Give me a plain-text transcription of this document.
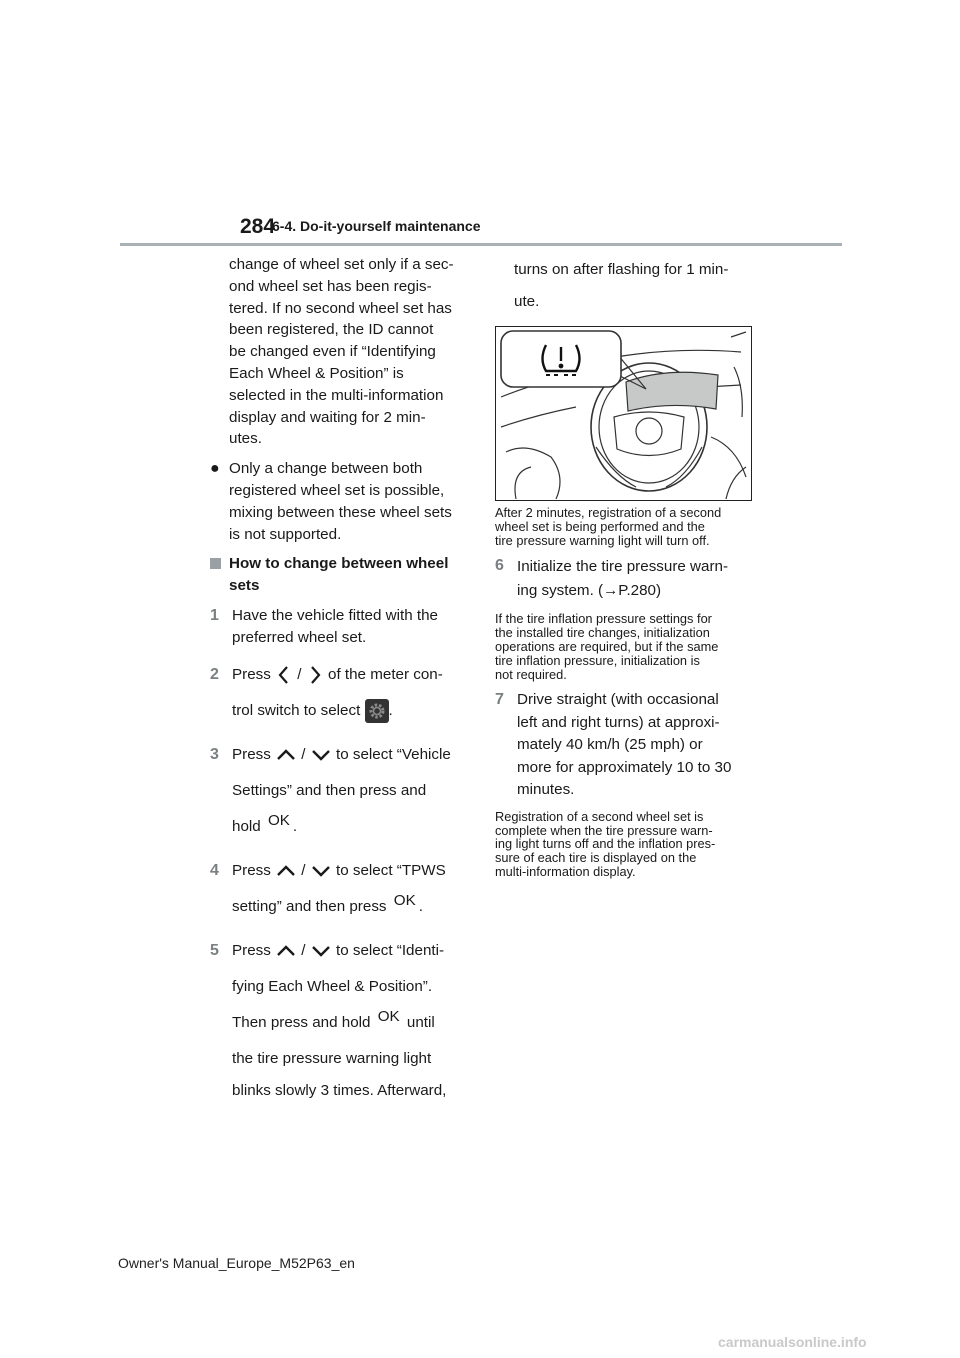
284
6-4. Do-it-yourself maintenance
change of wheel set only if a sec-
ond wheel set has been regis-
tered. If no second wheel set has
been registered, the ID cannot
be changed even if “Identifying
Each Wheel & Position” is
selected in the multi-information
display and waiting for 2 min-
utes.
● Only a change between both
registered wheel set is possible,
mixing between these wheel sets
is not supported.
How to change between wheel
sets
1 Have the vehicle fitted with the
preferred wheel set.
2 Press / of the meter con-
trol switch to select .
3 Press / to select “Vehicle
Settings” and then press and
hold OK .
4 Press / to select “TPWS
setting” and then press OK .
5 Press / to select “Identi-
fying Each Wheel & Position”.
Then press and hold OK until
the tire pressure warning light
blinks slowly 3 times. Afterward,
turns on after flashing for 1 min-
ute.
After 2 minutes, registration of a second
wheel set is being performed and the
tire pressure warning light will turn off.
6 Initialize the tire pressure warn-
ing system. (→P.280)
If the tire inflation pressure settings for
the installed tire changes, initialization
operations are required, but if the same
tire inflation pressure, initialization is
not required.
7 Drive straight (with occasional
left and right turns) at approxi-
mately 40 km/h (25 mph) or
more for approximately 10 to 30
minutes.
Registration of a second wheel set is
complete when the tire pressure warn-
ing light turns off and the inflation pres-
sure of each tire is displayed on the
multi-information display.
Owner's Manual_Europe_M52P63_en
carmanualsonline.info
